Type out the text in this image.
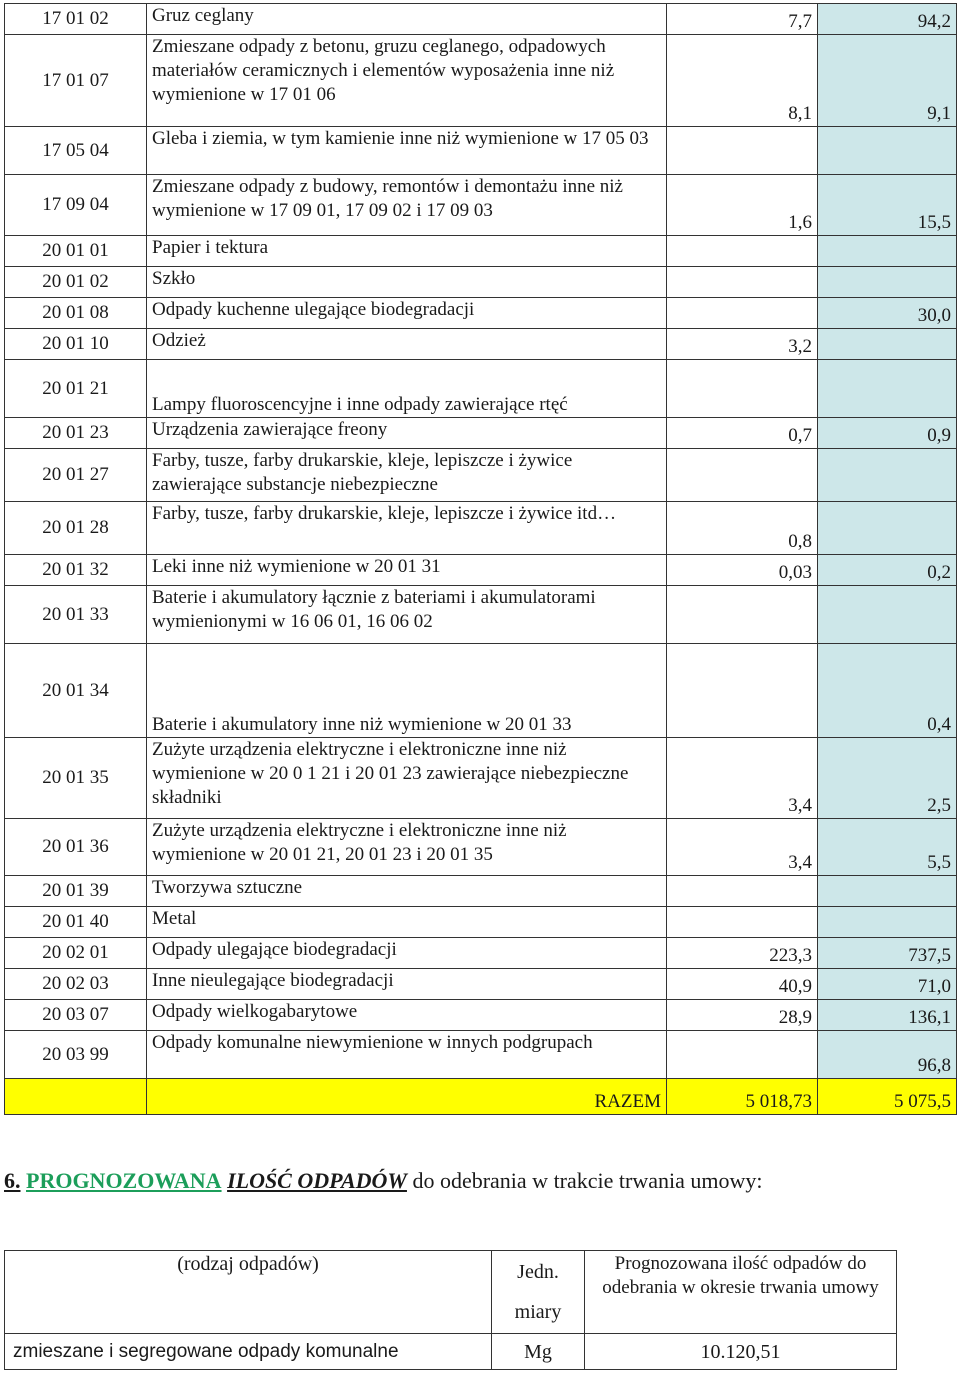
17 01 02	Gruz ceglany	7,7	94,2
17 01 07	Zmieszane odpady z betonu, gruzu ceglanego, odpadowych materiałów ceramicznych i elementów wyposażenia inne niż wymienione w 17 01 06	8,1	9,1
17 05 04	Gleba i ziemia, w tym kamienie inne niż wymienione w 17 05 03		
17 09 04	Zmieszane odpady z budowy, remontów i demontażu inne niż wymienione w 17 09 01, 17 09 02 i 17 09 03	1,6	15,5
20 01 01	Papier i tektura		
20 01 02	Szkło		
20 01 08	Odpady kuchenne ulegające biodegradacji		30,0
20 01 10	Odzież	3,2	
20 01 21	Lampy fluoroscencyjne i inne odpady zawierające rtęć		
20 01 23	Urządzenia zawierające freony	0,7	0,9
20 01 27	Farby, tusze, farby drukarskie, kleje, lepiszcze i żywice zawierające substancje niebezpieczne		
20 01 28	Farby, tusze, farby drukarskie, kleje, lepiszcze i żywice itd…	0,8	
20 01 32	Leki inne niż wymienione w 20 01 31	0,03	0,2
20 01 33	Baterie i akumulatory łącznie z bateriami i akumulatorami wymienionymi w 16 06 01, 16 06 02		
20 01 34	Baterie i akumulatory inne niż wymienione w 20 01 33		0,4
20 01 35	Zużyte urządzenia elektryczne i elektroniczne inne niż wymienione w 20 0 1 21 i 20 01 23 zawierające niebezpieczne składniki	3,4	2,5
20 01 36	Zużyte urządzenia elektryczne i elektroniczne inne niż wymienione w 20 01 21, 20 01 23 i 20 01 35	3,4	5,5
20 01 39	Tworzywa sztuczne		
20 01 40	Metal		
20 02 01	Odpady ulegające biodegradacji	223,3	737,5
20 02 03	Inne nieulegające biodegradacji	40,9	71,0
20 03 07	Odpady wielkogabarytowe	28,9	136,1
20 03 99	Odpady komunalne niewymienione w innych podgrupach		96,8
	RAZEM	5 018,73	5 075,5
6. PROGNOZOWANA ILOŚĆ ODPADÓW do odebrania w trakcie trwania umowy:
(rodzaj odpadów)	Jedn. miary	Prognozowana ilość odpadów do odebrania w okresie trwania umowy
zmieszane i segregowane odpady komunalne	Mg	10.120,51
